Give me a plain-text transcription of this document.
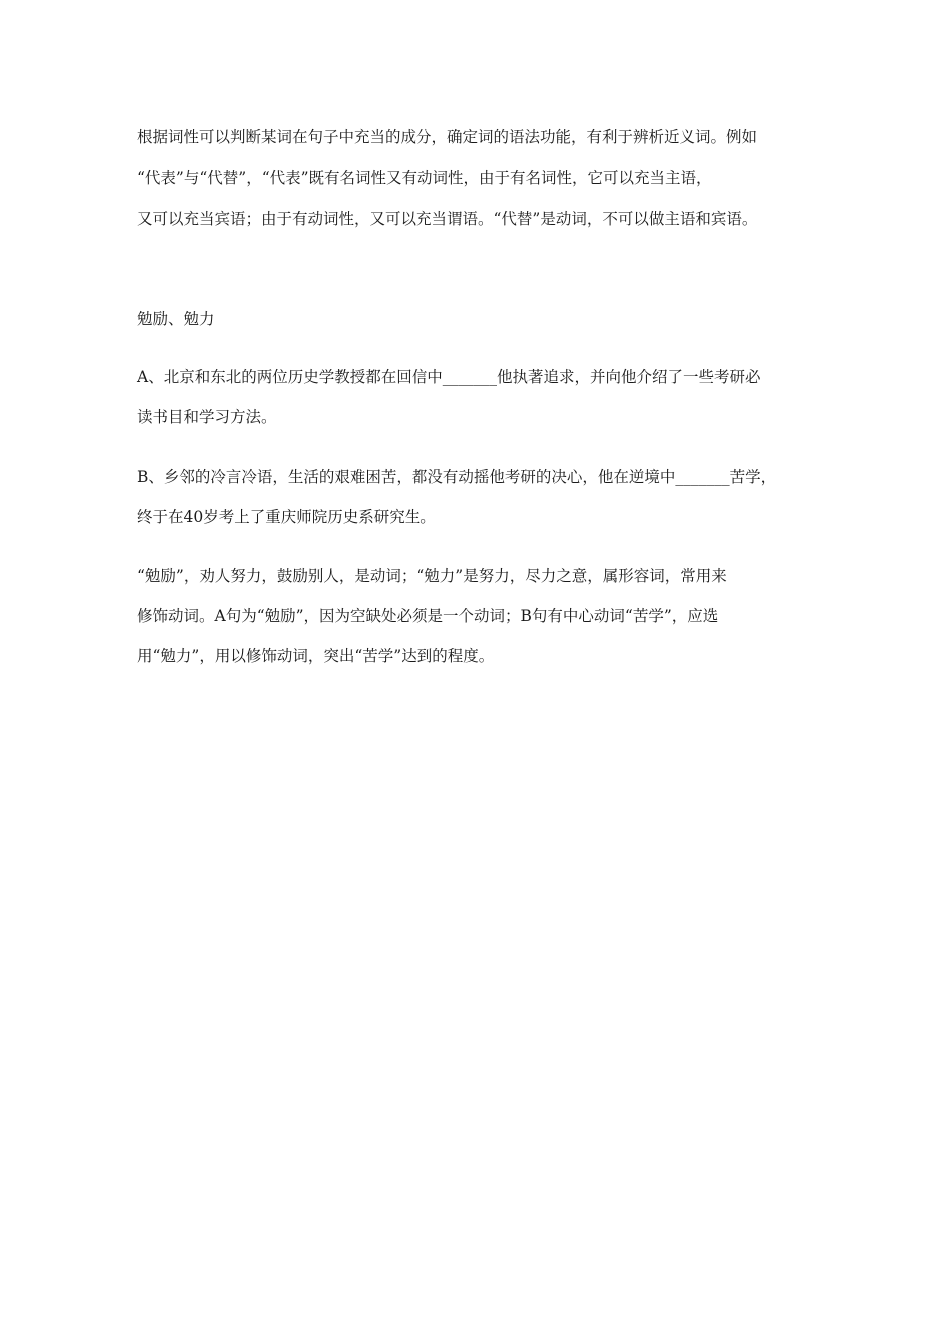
根据词性可以判断某词在句子中充当的成分，确定词的语法功能，有利于辨析近义词。例如
“代表”与“代替”，“代表”既有名词性又有动词性，由于有名词性，它可以充当主语，
又可以充当宾语；由于有动词性，又可以充当谓语。“代替”是动词，不可以做主语和宾语。
勉励、勉力
A、北京和东北的两位历史学教授都在回信中_______他执著追求，并向他介绍了一些考研必
读书目和学习方法。
B、乡邻的冷言冷语，生活的艰难困苦，都没有动摇他考研的决心，他在逆境中_______苦学，
终于在40岁考上了重庆师院历史系研究生。
“勉励”，劝人努力，鼓励别人，是动词；“勉力”是努力，尽力之意，属形容词，常用来
修饰动词。A句为“勉励”，因为空缺处必须是一个动词；B句有中心动词“苦学”，应选
用“勉力”，用以修饰动词，突出“苦学”达到的程度。
